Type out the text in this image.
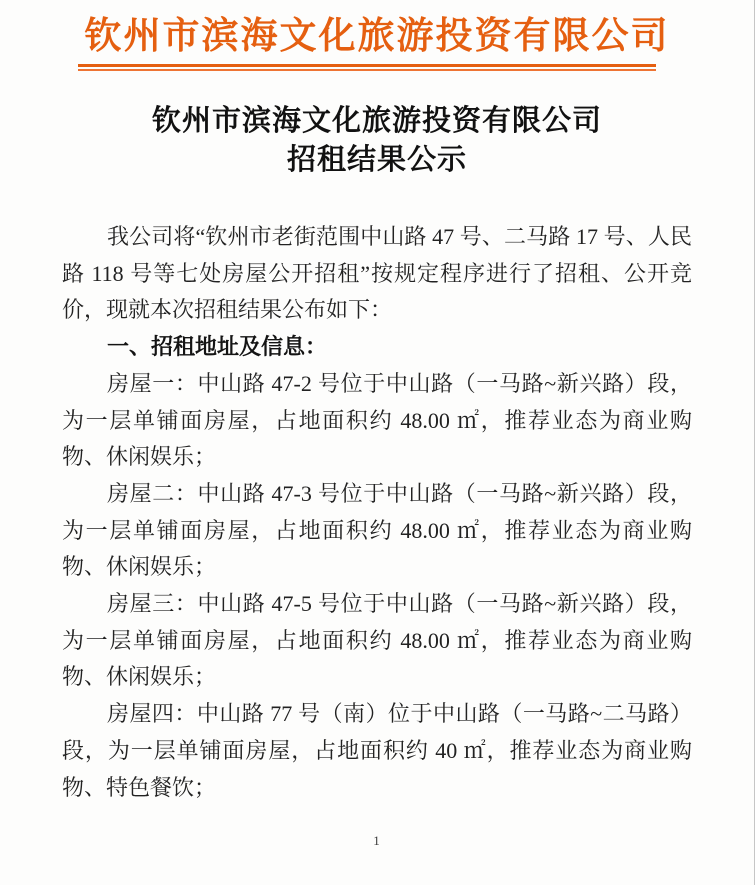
钦州市滨海文化旅游投资有限公司
钦州市滨海文化旅游投资有限公司
招租结果公示

我公司将“钦州市老街范围中山路 47 号、二马路 17 号、人民路 118 号等七处房屋公开招租”按规定程序进行了招租、公开竞价，现就本次招租结果公布如下：

一、招租地址及信息：

房屋一：中山路 47-2 号位于中山路（一马路~新兴路）段，为一层单铺面房屋，占地面积约 48.00 ㎡，推荐业态为商业购物、休闲娱乐；

房屋二：中山路 47-3 号位于中山路（一马路~新兴路）段，为一层单铺面房屋，占地面积约 48.00 ㎡，推荐业态为商业购物、休闲娱乐；

房屋三：中山路 47-5 号位于中山路（一马路~新兴路）段，为一层单铺面房屋，占地面积约 48.00 ㎡，推荐业态为商业购物、休闲娱乐；

房屋四：中山路 77 号（南）位于中山路（一马路~二马路）段，为一层单铺面房屋，占地面积约 40 ㎡，推荐业态为商业购物、特色餐饮；

1
